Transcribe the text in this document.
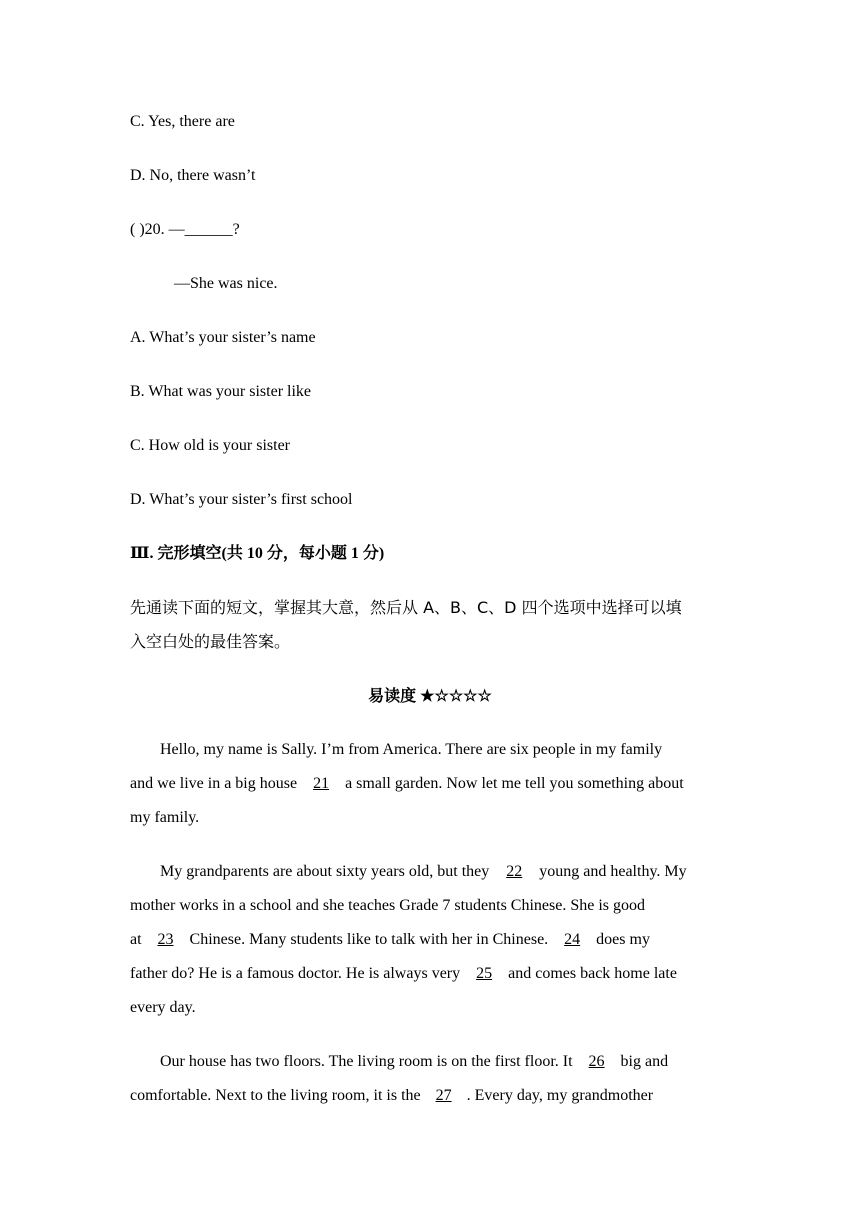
C. Yes, there are
D. No, there wasn’t
( )20. —______?
—She was nice.
A. What’s your sister’s name
B. What was your sister like
C. How old is your sister
D. What’s your sister’s first school
Ⅲ. 完形填空(共 10 分，每小题 1 分)
先通读下面的短文，掌握其大意，然后从 A、B、C、D 四个选项中选择可以填
入空白处的最佳答案。
易读度 ★☆☆☆☆
Hello, my name is Sally. I’m from America. There are six people in my family
and we live in a big house 21 a small garden. Now let me tell you something about
my family.
My grandparents are about sixty years old, but they 22 young and healthy. My
mother works in a school and she teaches Grade 7 students Chinese. She is good
at 23 Chinese. Many students like to talk with her in Chinese. 24 does my
father do? He is a famous doctor. He is always very 25 and comes back home late
every day.
Our house has two floors. The living room is on the first floor. It 26 big and
comfortable. Next to the living room, it is the 27 . Every day, my grandmother
